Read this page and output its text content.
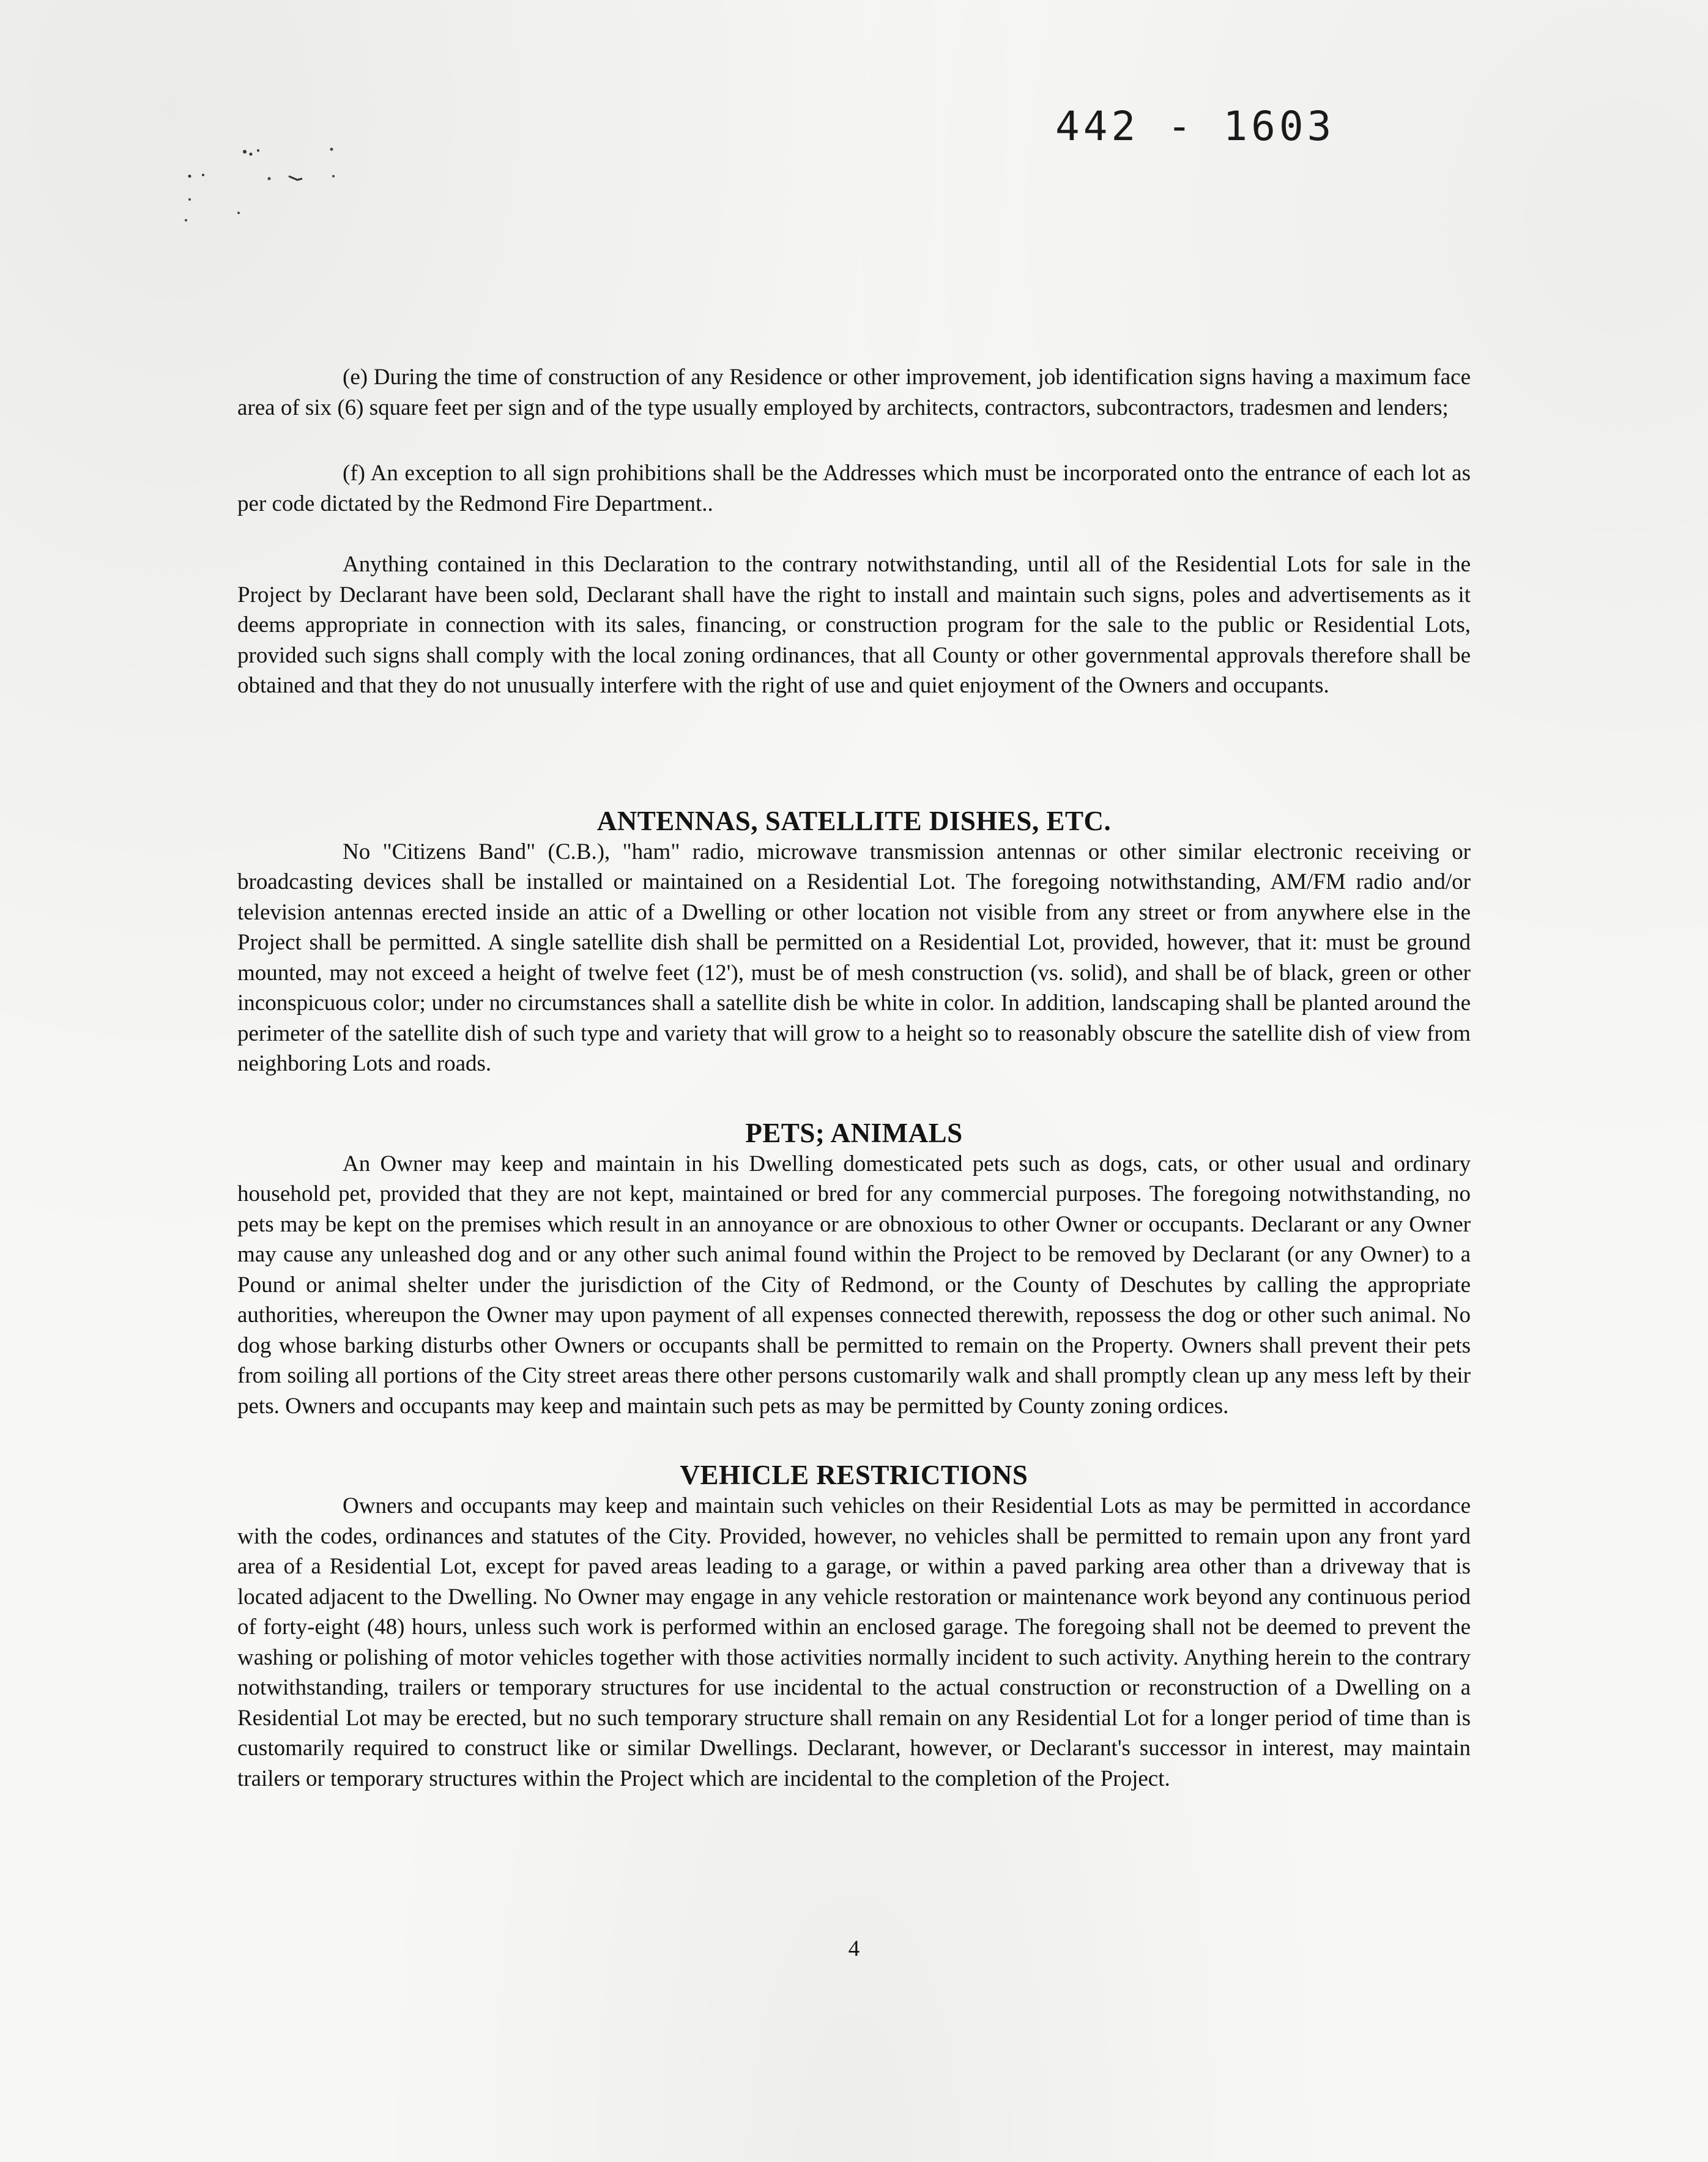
442 - 1603

(e) During the time of construction of any Residence or other improvement, job identification signs having a maximum face area of six (6) square feet per sign and of the type usually employed by architects, contractors, subcontractors, tradesmen and lenders;

(f) An exception to all sign prohibitions shall be the Addresses which must be incorporated onto the entrance of each lot as per code dictated by the Redmond Fire Department..

Anything contained in this Declaration to the contrary notwithstanding, until all of the Residential Lots for sale in the Project by Declarant have been sold, Declarant shall have the right to install and maintain such signs, poles and advertisements as it deems appropriate in connection with its sales, financing, or construction program for the sale to the public or Residential Lots, provided such signs shall comply with the local zoning ordinances, that all County or other governmental approvals therefore shall be obtained and that they do not unusually interfere with the right of use and quiet enjoyment of the Owners and occupants.

ANTENNAS, SATELLITE DISHES, ETC.

No "Citizens Band" (C.B.), "ham" radio, microwave transmission antennas or other similar electronic receiving or broadcasting devices shall be installed or maintained on a Residential Lot. The foregoing notwithstanding, AM/FM radio and/or television antennas erected inside an attic of a Dwelling or other location not visible from any street or from anywhere else in the Project shall be permitted. A single satellite dish shall be permitted on a Residential Lot, provided, however, that it: must be ground mounted, may not exceed a height of twelve feet (12'), must be of mesh construction (vs. solid), and shall be of black, green or other inconspicuous color; under no circumstances shall a satellite dish be white in color. In addition, landscaping shall be planted around the perimeter of the satellite dish of such type and variety that will grow to a height so to reasonably obscure the satellite dish of view from neighboring Lots and roads.

PETS; ANIMALS

An Owner may keep and maintain in his Dwelling domesticated pets such as dogs, cats, or other usual and ordinary household pet, provided that they are not kept, maintained or bred for any commercial purposes. The foregoing notwithstanding, no pets may be kept on the premises which result in an annoyance or are obnoxious to other Owner or occupants. Declarant or any Owner may cause any unleashed dog and or any other such animal found within the Project to be removed by Declarant (or any Owner) to a Pound or animal shelter under the jurisdiction of the City of Redmond, or the County of Deschutes by calling the appropriate authorities, whereupon the Owner may upon payment of all expenses connected therewith, repossess the dog or other such animal. No dog whose barking disturbs other Owners or occupants shall be permitted to remain on the Property. Owners shall prevent their pets from soiling all portions of the City street areas there other persons customarily walk and shall promptly clean up any mess left by their pets. Owners and occupants may keep and maintain such pets as may be permitted by County zoning ordices.

VEHICLE RESTRICTIONS

Owners and occupants may keep and maintain such vehicles on their Residential Lots as may be permitted in accordance with the codes, ordinances and statutes of the City. Provided, however, no vehicles shall be permitted to remain upon any front yard area of a Residential Lot, except for paved areas leading to a garage, or within a paved parking area other than a driveway that is located adjacent to the Dwelling. No Owner may engage in any vehicle restoration or maintenance work beyond any continuous period of forty-eight (48) hours, unless such work is performed within an enclosed garage. The foregoing shall not be deemed to prevent the washing or polishing of motor vehicles together with those activities normally incident to such activity. Anything herein to the contrary notwithstanding, trailers or temporary structures for use incidental to the actual construction or reconstruction of a Dwelling on a Residential Lot may be erected, but no such temporary structure shall remain on any Residential Lot for a longer period of time than is customarily required to construct like or similar Dwellings. Declarant, however, or Declarant's successor in interest, may maintain trailers or temporary structures within the Project which are incidental to the completion of the Project.

4
